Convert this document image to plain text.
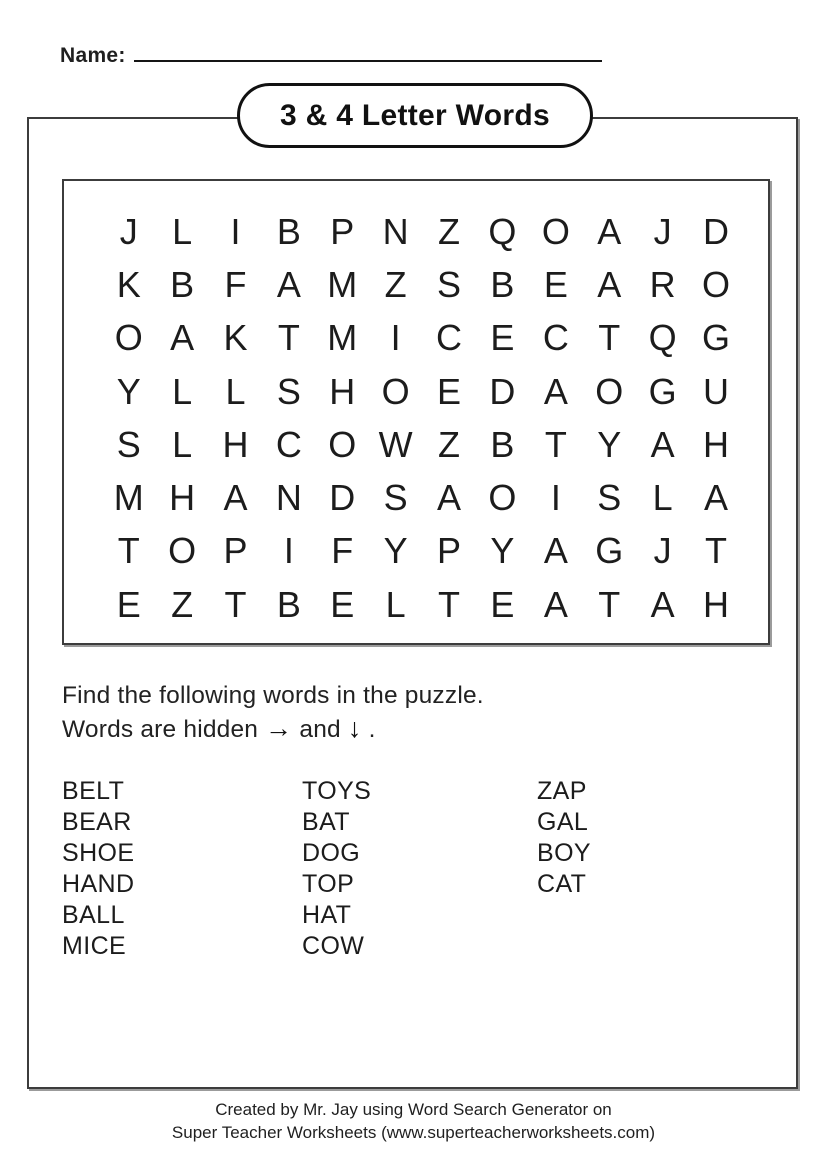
Name:
3 & 4 Letter Words
J L	I	B P N Z Q O A J D
K B F A M Z S B E A R O
O A K T M I C E C T Q G
Y L L S H O E D A O G U
S L H C O W Z B T Y A H
M H A N D S A O I	S L A
T O P	I	F Y P Y A G J T
E Z T B E L T E A T A H
Find the following words in the puzzle.
Words are hidden → and ↓ .
BELT
BEAR
SHOE
HAND
BALL
MICE
TOYS
BAT
DOG
TOP
HAT
COW
ZAP
GAL
BOY
CAT
Created by Mr. Jay using Word Search Generator on
Super Teacher Worksheets (www.superteacherworksheets.com)
